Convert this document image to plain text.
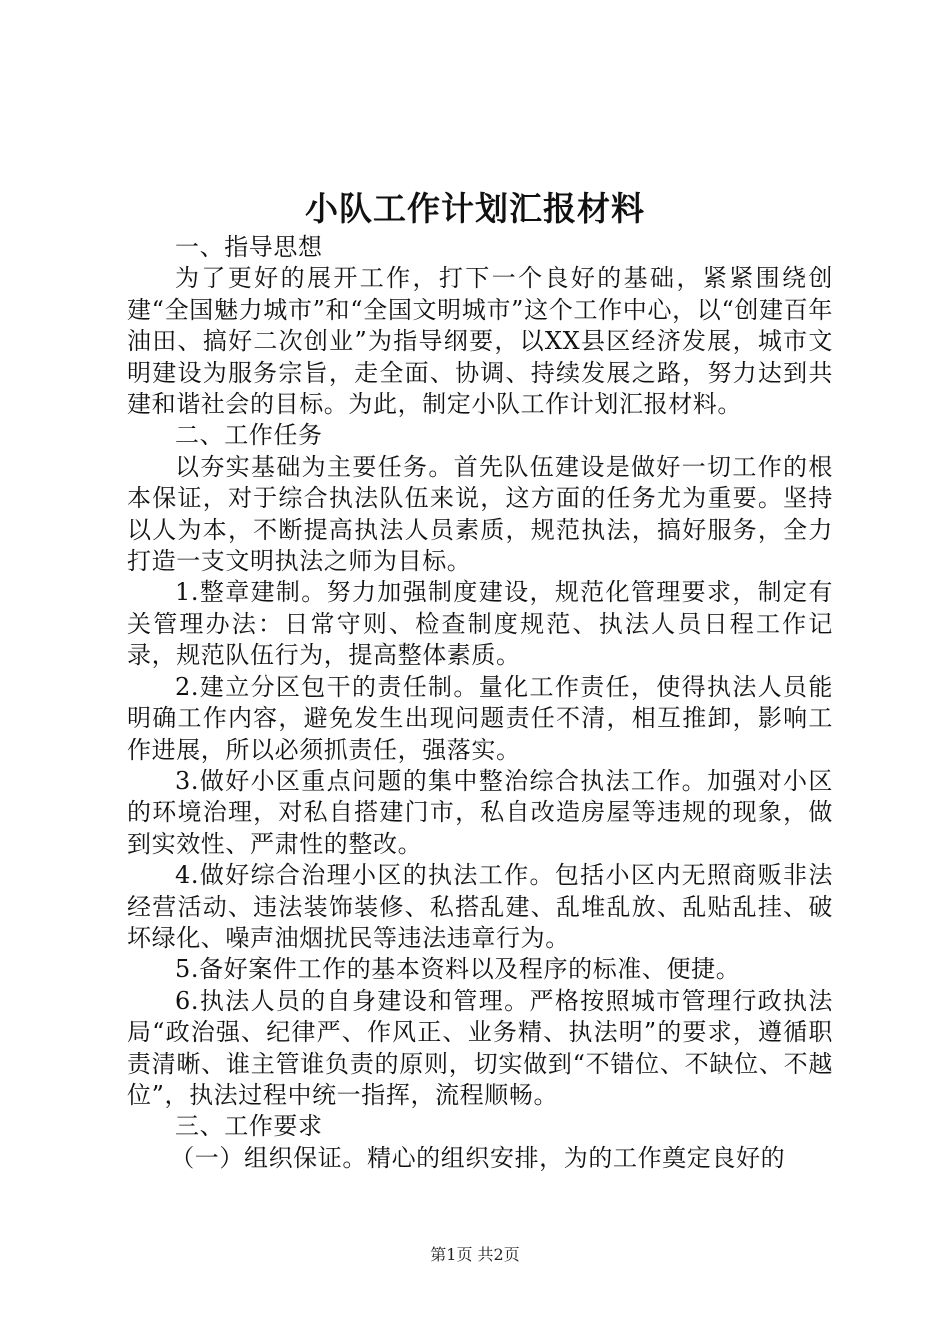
小队工作计划汇报材料

一、指导思想

为了更好的展开工作，打下一个良好的基础，紧紧围绕创建“全国魅力城市”和“全国文明城市”这个工作中心，以“创建百年油田、搞好二次创业”为指导纲要，以XX县区经济发展，城市文明建设为服务宗旨，走全面、协调、持续发展之路，努力达到共建和谐社会的目标。为此，制定小队工作计划汇报材料。

二、工作任务

以夯实基础为主要任务。首先队伍建设是做好一切工作的根本保证，对于综合执法队伍来说，这方面的任务尤为重要。坚持以人为本，不断提高执法人员素质，规范执法，搞好服务，全力打造一支文明执法之师为目标。

1.整章建制。努力加强制度建设，规范化管理要求，制定有关管理办法：日常守则、检查制度规范、执法人员日程工作记录，规范队伍行为，提高整体素质。

2.建立分区包干的责任制。量化工作责任，使得执法人员能明确工作内容，避免发生出现问题责任不清，相互推卸，影响工作进展，所以必须抓责任，强落实。

3.做好小区重点问题的集中整治综合执法工作。加强对小区的环境治理，对私自搭建门市，私自改造房屋等违规的现象，做到实效性、严肃性的整改。

4.做好综合治理小区的执法工作。包括小区内无照商贩非法经营活动、违法装饰装修、私搭乱建、乱堆乱放、乱贴乱挂、破坏绿化、噪声油烟扰民等违法违章行为。

5.备好案件工作的基本资料以及程序的标准、便捷。

6.执法人员的自身建设和管理。严格按照城市管理行政执法局“政治强、纪律严、作风正、业务精、执法明”的要求，遵循职责清晰、谁主管谁负责的原则，切实做到“不错位、不缺位、不越位”，执法过程中统一指挥，流程顺畅。

三、工作要求

（一）组织保证。精心的组织安排，为的工作奠定良好的

第1页 共2页
